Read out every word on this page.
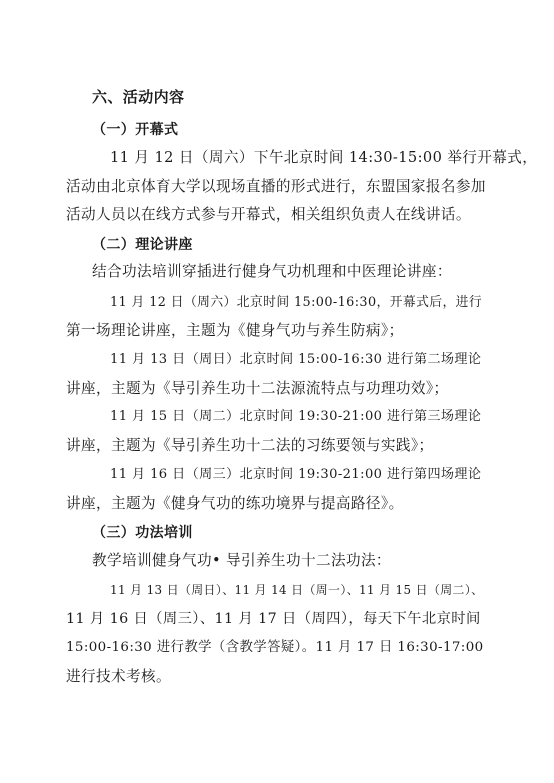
六、活动内容
（一）开幕式
11 月 12 日（周六）下午北京时间 14:30-15:00 举行开幕式，
活动由北京体育大学以现场直播的形式进行，东盟国家报名参加
活动人员以在线方式参与开幕式，相关组织负责人在线讲话。
（二）理论讲座
结合功法培训穿插进行健身气功机理和中医理论讲座：
11 月 12 日（周六）北京时间 15:00-16:30，开幕式后，进行
第一场理论讲座，主题为《健身气功与养生防病》；
11 月 13 日（周日）北京时间 15:00-16:30 进行第二场理论
讲座，主题为《导引养生功十二法源流特点与功理功效》；
11 月 15 日（周二）北京时间 19:30-21:00 进行第三场理论
讲座，主题为《导引养生功十二法的习练要领与实践》；
11 月 16 日（周三）北京时间 19:30-21:00 进行第四场理论
讲座，主题为《健身气功的练功境界与提高路径》。
（三）功法培训
教学培训健身气功• 导引养生功十二法功法：
11 月 13 日（周日）、11 月 14 日（周一）、11 月 15 日（周二）、
11 月 16 日（周三）、11 月 17 日（周四），每天下午北京时间
15:00-16:30 进行教学（含教学答疑）。11 月 17 日 16:30-17:00
进行技术考核。
